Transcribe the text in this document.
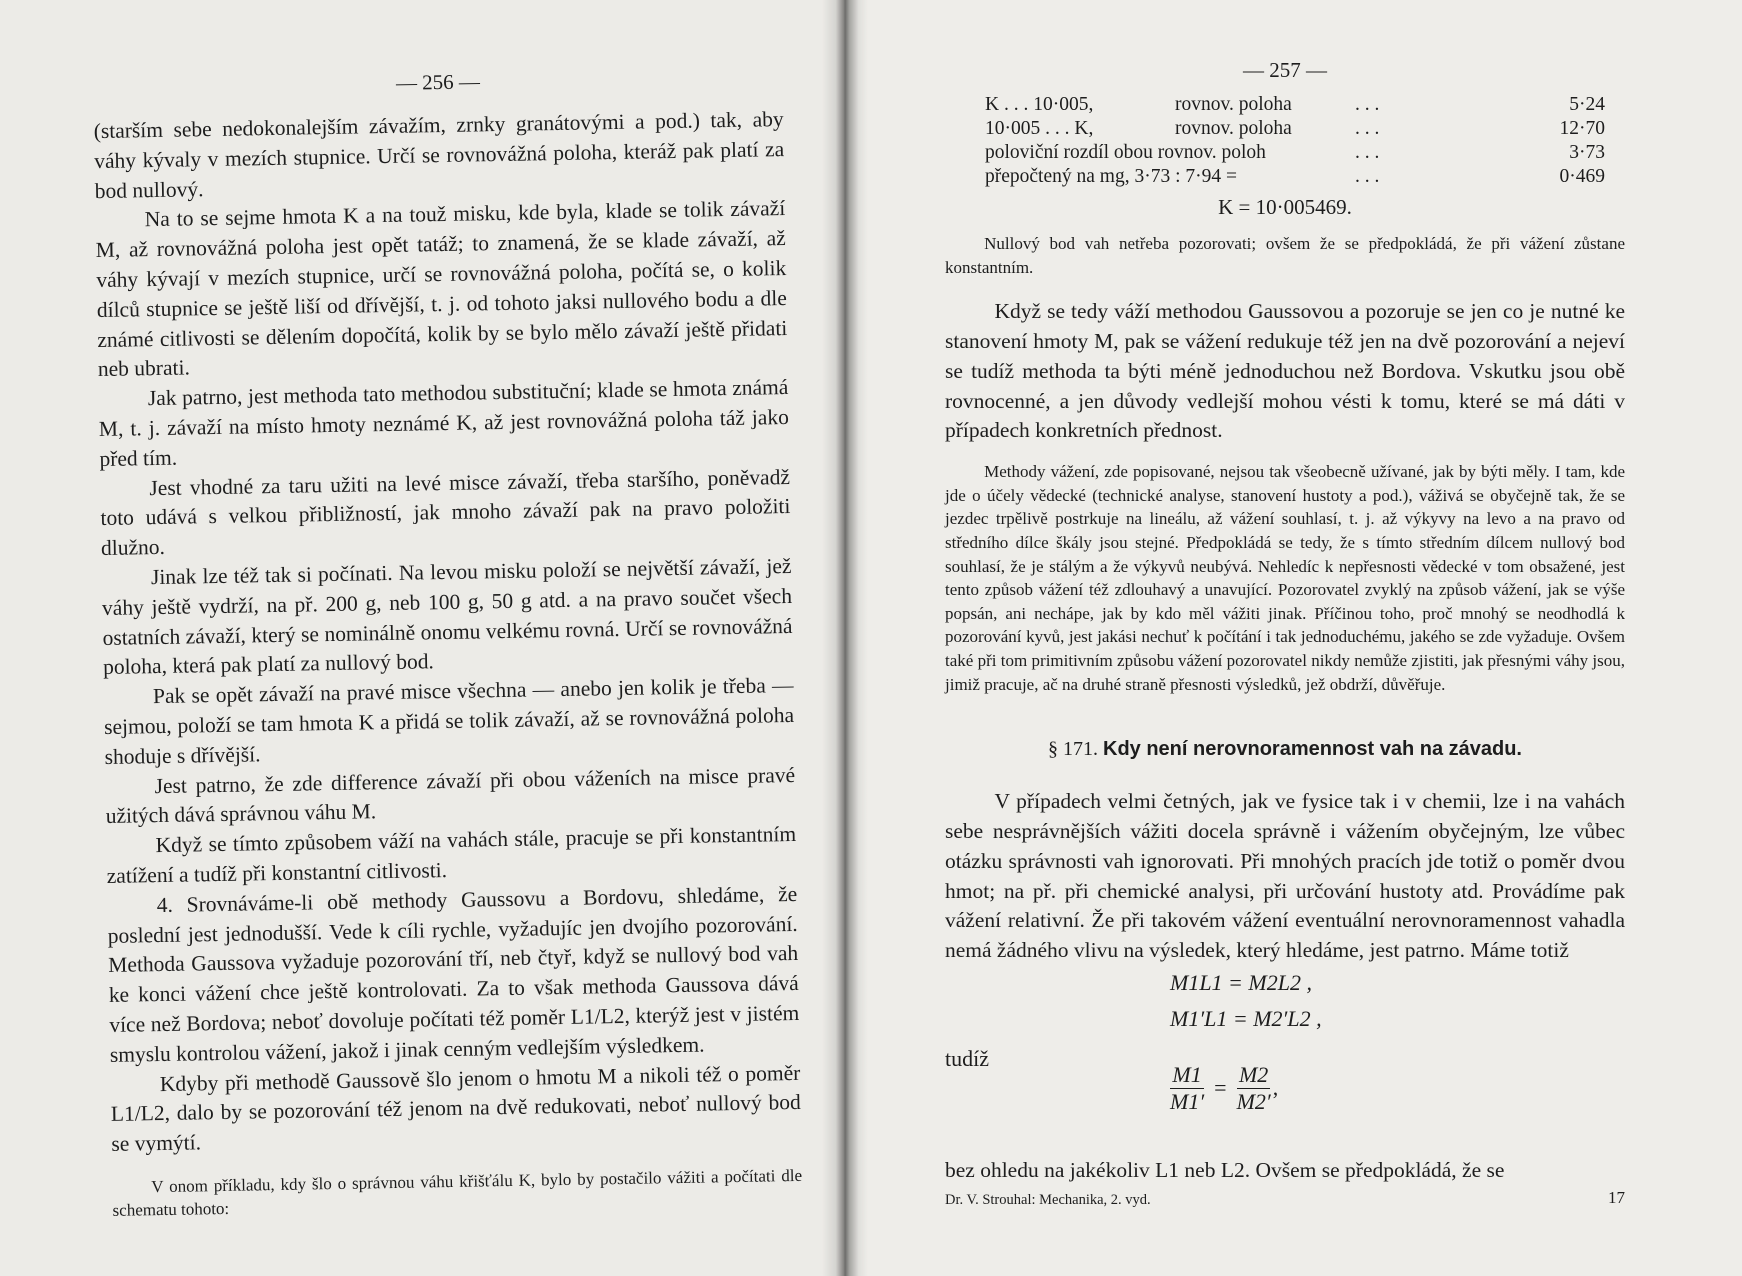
— 256 —

(starším sebe nedokonalejším závažím, zrnky granátovými a pod.) tak, aby váhy kývaly v mezích stupnice. Určí se rovnovážná poloha, kteráž pak platí za bod nullový.

Na to se sejme hmota K a na touž misku, kde byla, klade se tolik závaží M, až rovnovážná poloha jest opět tatáž; to znamená, že se klade závaží, až váhy kývají v mezích stupnice, určí se rovnovážná poloha, počítá se, o kolik dílců stupnice se ještě liší od dřívější, t. j. od tohoto jaksi nullového bodu a dle známé citlivosti se dělením dopočítá, kolik by se bylo mělo závaží ještě přidati neb ubrati.

Jak patrno, jest methoda tato methodou substituční; klade se hmota známá M, t. j. závaží na místo hmoty neznámé K, až jest rovnovážná poloha táž jako před tím.

Jest vhodné za taru užiti na levé misce závaží, třeba staršího, poněvadž toto udává s velkou přibližností, jak mnoho závaží pak na pravo položiti dlužno.

Jinak lze též tak si počínati. Na levou misku položí se největší závaží, jež váhy ještě vydrží, na př. 200 g, neb 100 g, 50 g atd. a na pravo součet všech ostatních závaží, který se nominálně onomu velkému rovná. Určí se rovnovážná poloha, která pak platí za nullový bod.

Pak se opět závaží na pravé misce všechna — anebo jen kolik je třeba — sejmou, položí se tam hmota K a přidá se tolik závaží, až se rovnovážná poloha shoduje s dřívější.

Jest patrno, že zde difference závaží při obou váženích na misce pravé užitých dává správnou váhu M.

Když se tímto způsobem váží na vahách stále, pracuje se při konstantním zatížení a tudíž při konstantní citlivosti.

4. Srovnáváme-li obě methody Gaussovu a Bordovu, shledáme, že poslední jest jednodušší. Vede k cíli rychle, vyžadujíc jen dvojího pozorování. Methoda Gaussova vyžaduje pozorování tří, neb čtyř, když se nullový bod vah ke konci vážení chce ještě kontrolovati. Za to však methoda Gaussova dává více než Bordova; neboť dovoluje počítati též poměr L1/L2, kterýž jest v jistém smyslu kontrolou vážení, jakož i jinak cenným vedlejším výsledkem.

Kdyby při methodě Gaussově šlo jenom o hmotu M a nikoli též o poměr L1/L2, dalo by se pozorování též jenom na dvě redukovati, neboť nullový bod se vymýtí.

V onom příkladu, kdy šlo o správnou váhu křišťálu K, bylo by postačilo vážiti a počítati dle schematu tohoto:

— 257 —
K . . . 10·005,	rovnov. poloha	. . .	5·24
10·005 . . . K,	rovnov. poloha	. . .	12·70
poloviční rozdíl obou rovnov. poloh		. . .	3·73
přepočtený na mg, 3·73 : 7·94 =		. . .	0·469
K = 10·005469.

Nullový bod vah netřeba pozorovati; ovšem že se předpokládá, že při vážení zůstane konstantním.

Když se tedy váží methodou Gaussovou a pozoruje se jen co je nutné ke stanovení hmoty M, pak se vážení redukuje též jen na dvě pozorování a nejeví se tudíž methoda ta býti méně jednoduchou než Bordova. Vskutku jsou obě rovnocenné, a jen důvody vedlejší mohou vésti k tomu, které se má dáti v případech konkretních přednost.

Methody vážení, zde popisované, nejsou tak všeobecně užívané, jak by býti měly. I tam, kde jde o účely vědecké (technické analyse, stanovení hustoty a pod.), váživá se obyčejně tak, že se jezdec trpělivě postrkuje na lineálu, až vážení souhlasí, t. j. až výkyvy na levo a na pravo od středního dílce škály jsou stejné. Předpokládá se tedy, že s tímto středním dílcem nullový bod souhlasí, že je stálým a že výkyvů neubývá. Nehledíc k nepřesnosti vědecké v tom obsažené, jest tento způsob vážení též zdlouhavý a unavující. Pozorovatel zvyklý na způsob vážení, jak se výše popsán, ani nechápe, jak by kdo měl vážiti jinak. Příčinou toho, proč mnohý se neodhodlá k pozorování kyvů, jest jakási nechuť k počítání i tak jednoduchému, jakého se zde vyžaduje. Ovšem také při tom primitivním způsobu vážení pozorovatel nikdy nemůže zjistiti, jak přesnými váhy jsou, jimiž pracuje, ač na druhé straně přesnosti výsledků, jež obdrží, důvěřuje.

§ 171. Kdy není nerovnoramennost vah na závadu.

V případech velmi četných, jak ve fysice tak i v chemii, lze i na vahách sebe nesprávnějších vážiti docela správně i vážením obyčejným, lze vůbec otázku správnosti vah ignorovati. Při mnohých pracích jde totiž o poměr dvou hmot; na př. při chemické analysi, při určování hustoty atd. Provádíme pak vážení relativní. Že při takovém vážení eventuální nerovnoramennost vahadla nemá žádného vlivu na výsledek, který hledáme, jest patrno. Máme totiž

M1L1 = M2L2 ,
M1′L1 = M2′L2 ,
tudíž
$\frac{M1}{M1'} = \frac{M2}{M2'}$ ,

bez ohledu na jakékoliv L1 neb L2. Ovšem se předpokládá, že se

Dr. V. Strouhal: Mechanika, 2. vyd.	17
